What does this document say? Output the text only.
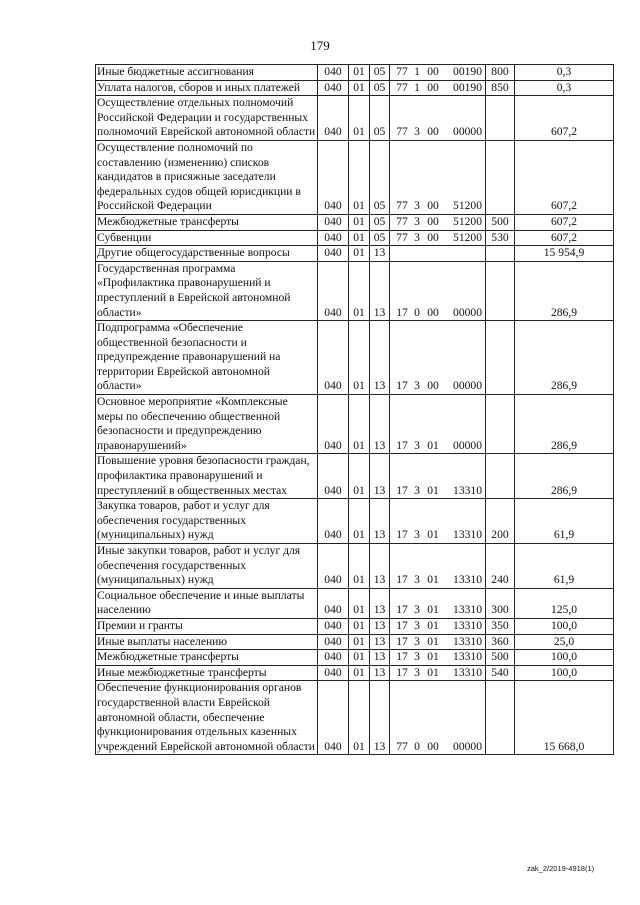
179
Иные бюджетные ассигнования	040	01	05	77 1 00 00190	800	0,3
Уплата налогов, сборов и иных платежей	040	01	05	77 1 00 00190	850	0,3
Осуществление отдельных полномочий Российской Федерации и государственных полномочий Еврейской автономной области	040	01	05	77 3 00 00000		607,2
Осуществление полномочий по составлению (изменению) списков кандидатов в присяжные заседатели федеральных судов общей юрисдикции в Российской Федерации	040	01	05	77 3 00 51200		607,2
Межбюджетные трансферты	040	01	05	77 3 00 51200	500	607,2
Субвенции	040	01	05	77 3 00 51200	530	607,2
Другие общегосударственные вопросы	040	01	13			15 954,9
Государственная программа «Профилактика правонарушений и преступлений в Еврейской автономной области»	040	01	13	17 0 00 00000		286,9
Подпрограмма «Обеспечение общественной безопасности и предупреждение правонарушений на территории Еврейской автономной области»	040	01	13	17 3 00 00000		286,9
Основное мероприятие «Комплексные меры по обеспечению общественной безопасности и предупреждению правонарушений»	040	01	13	17 3 01 00000		286,9
Повышение уровня безопасности граждан, профилактика правонарушений и преступлений в общественных местах	040	01	13	17 3 01 13310		286,9
Закупка товаров, работ и услуг для обеспечения государственных (муниципальных) нужд	040	01	13	17 3 01 13310	200	61,9
Иные закупки товаров, работ и услуг для обеспечения государственных (муниципальных) нужд	040	01	13	17 3 01 13310	240	61,9
Социальное обеспечение и иные выплаты населению	040	01	13	17 3 01 13310	300	125,0
Премии и гранты	040	01	13	17 3 01 13310	350	100,0
Иные выплаты населению	040	01	13	17 3 01 13310	360	25,0
Межбюджетные трансферты	040	01	13	17 3 01 13310	500	100,0
Иные межбюджетные трансферты	040	01	13	17 3 01 13310	540	100,0
Обеспечение функционирования органов государственной власти Еврейской автономной области, обеспечение функционирования отдельных казенных учреждений Еврейской автономной области	040	01	13	77 0 00 00000		15 668,0
zak_2/2019-4918(1)
